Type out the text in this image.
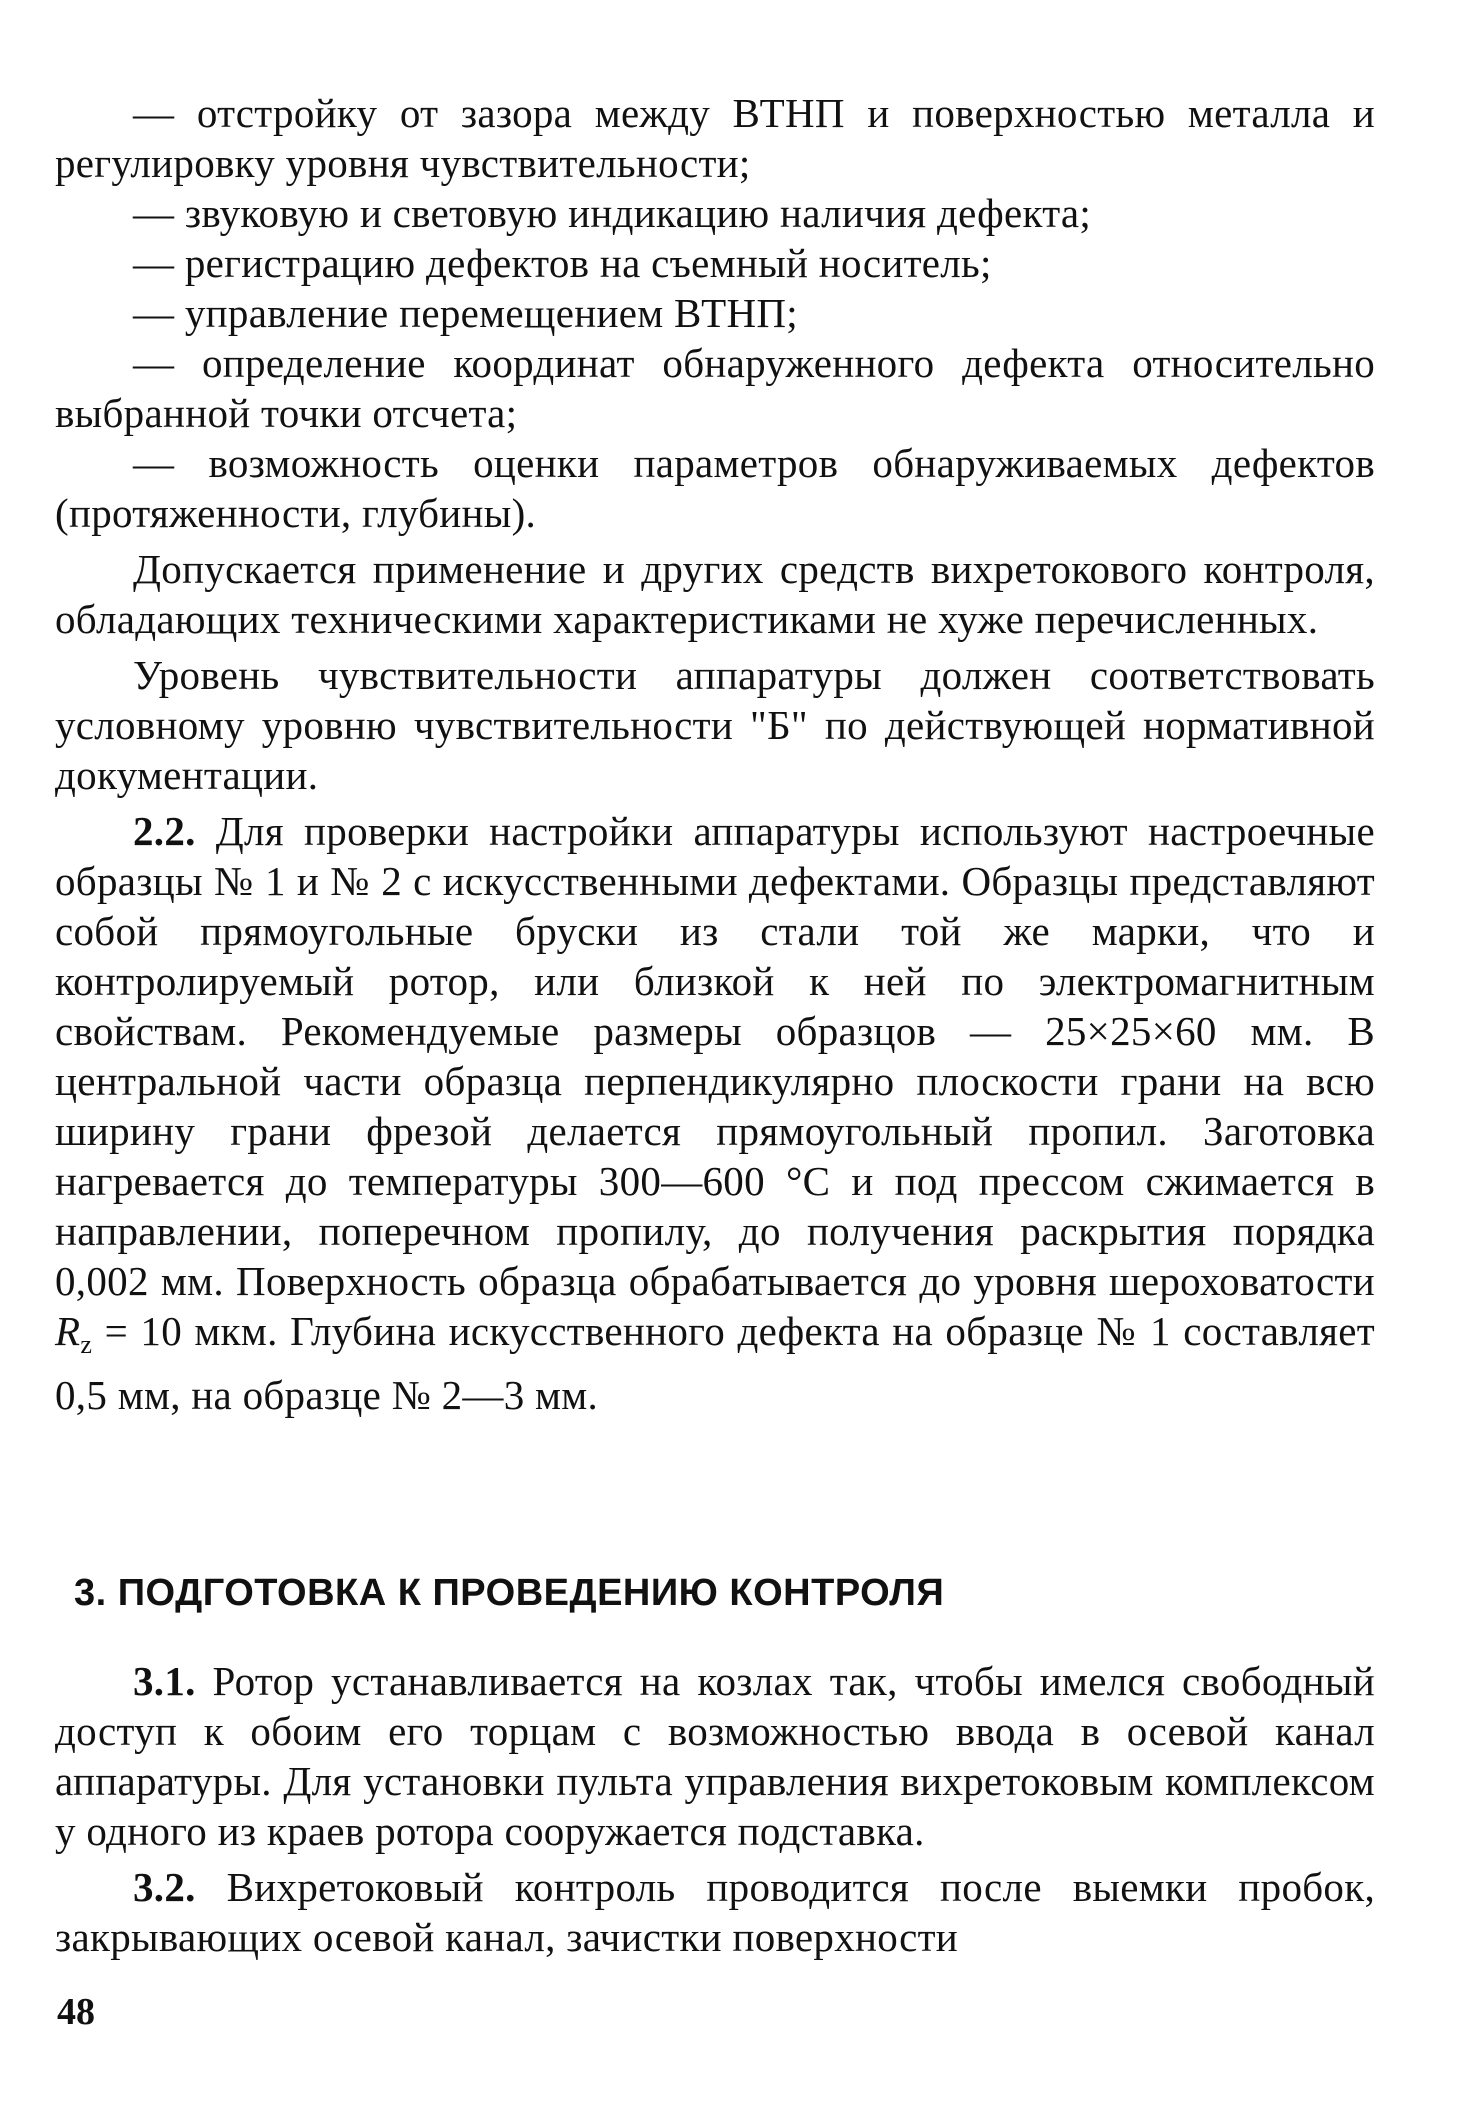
— отстройку от зазора между ВТНП и поверхностью металла и регулировку уровня чувствительности;

— звуковую и световую индикацию наличия дефекта;

— регистрацию дефектов на съемный носитель;

— управление перемещением ВТНП;

— определение координат обнаруженного дефекта относительно выбранной точки отсчета;

— возможность оценки параметров обнаруживаемых дефектов (протяженности, глубины).

Допускается применение и других средств вихретокового контроля, обладающих техническими характеристиками не хуже перечисленных.

Уровень чувствительности аппаратуры должен соответствовать условному уровню чувствительности "Б" по действующей нормативной документации.

2.2. Для проверки настройки аппаратуры используют настроечные образцы № 1 и № 2 с искусственными дефектами. Образцы представляют собой прямоугольные бруски из стали той же марки, что и контролируемый ротор, или близкой к ней по электромагнитным свойствам. Рекомендуемые размеры образцов — 25×25×60 мм. В центральной части образца перпендикулярно плоскости грани на всю ширину грани фрезой делается прямоугольный пропил. Заготовка нагревается до температуры 300—600 °С и под прессом сжимается в направлении, поперечном пропилу, до получения раскрытия порядка 0,002 мм. Поверхность образца обрабатывается до уровня шероховатости $R_z = 10$ мкм. Глубина искусственного дефекта на образце № 1 составляет 0,5 мм, на образце № 2—3 мм.

3. ПОДГОТОВКА К ПРОВЕДЕНИЮ КОНТРОЛЯ

3.1. Ротор устанавливается на козлах так, чтобы имелся свободный доступ к обоим его торцам с возможностью ввода в осевой канал аппаратуры. Для установки пульта управления вихретоковым комплексом у одного из краев ротора сооружается подставка.

3.2. Вихретоковый контроль проводится после выемки пробок, закрывающих осевой канал, зачистки поверхности

48
